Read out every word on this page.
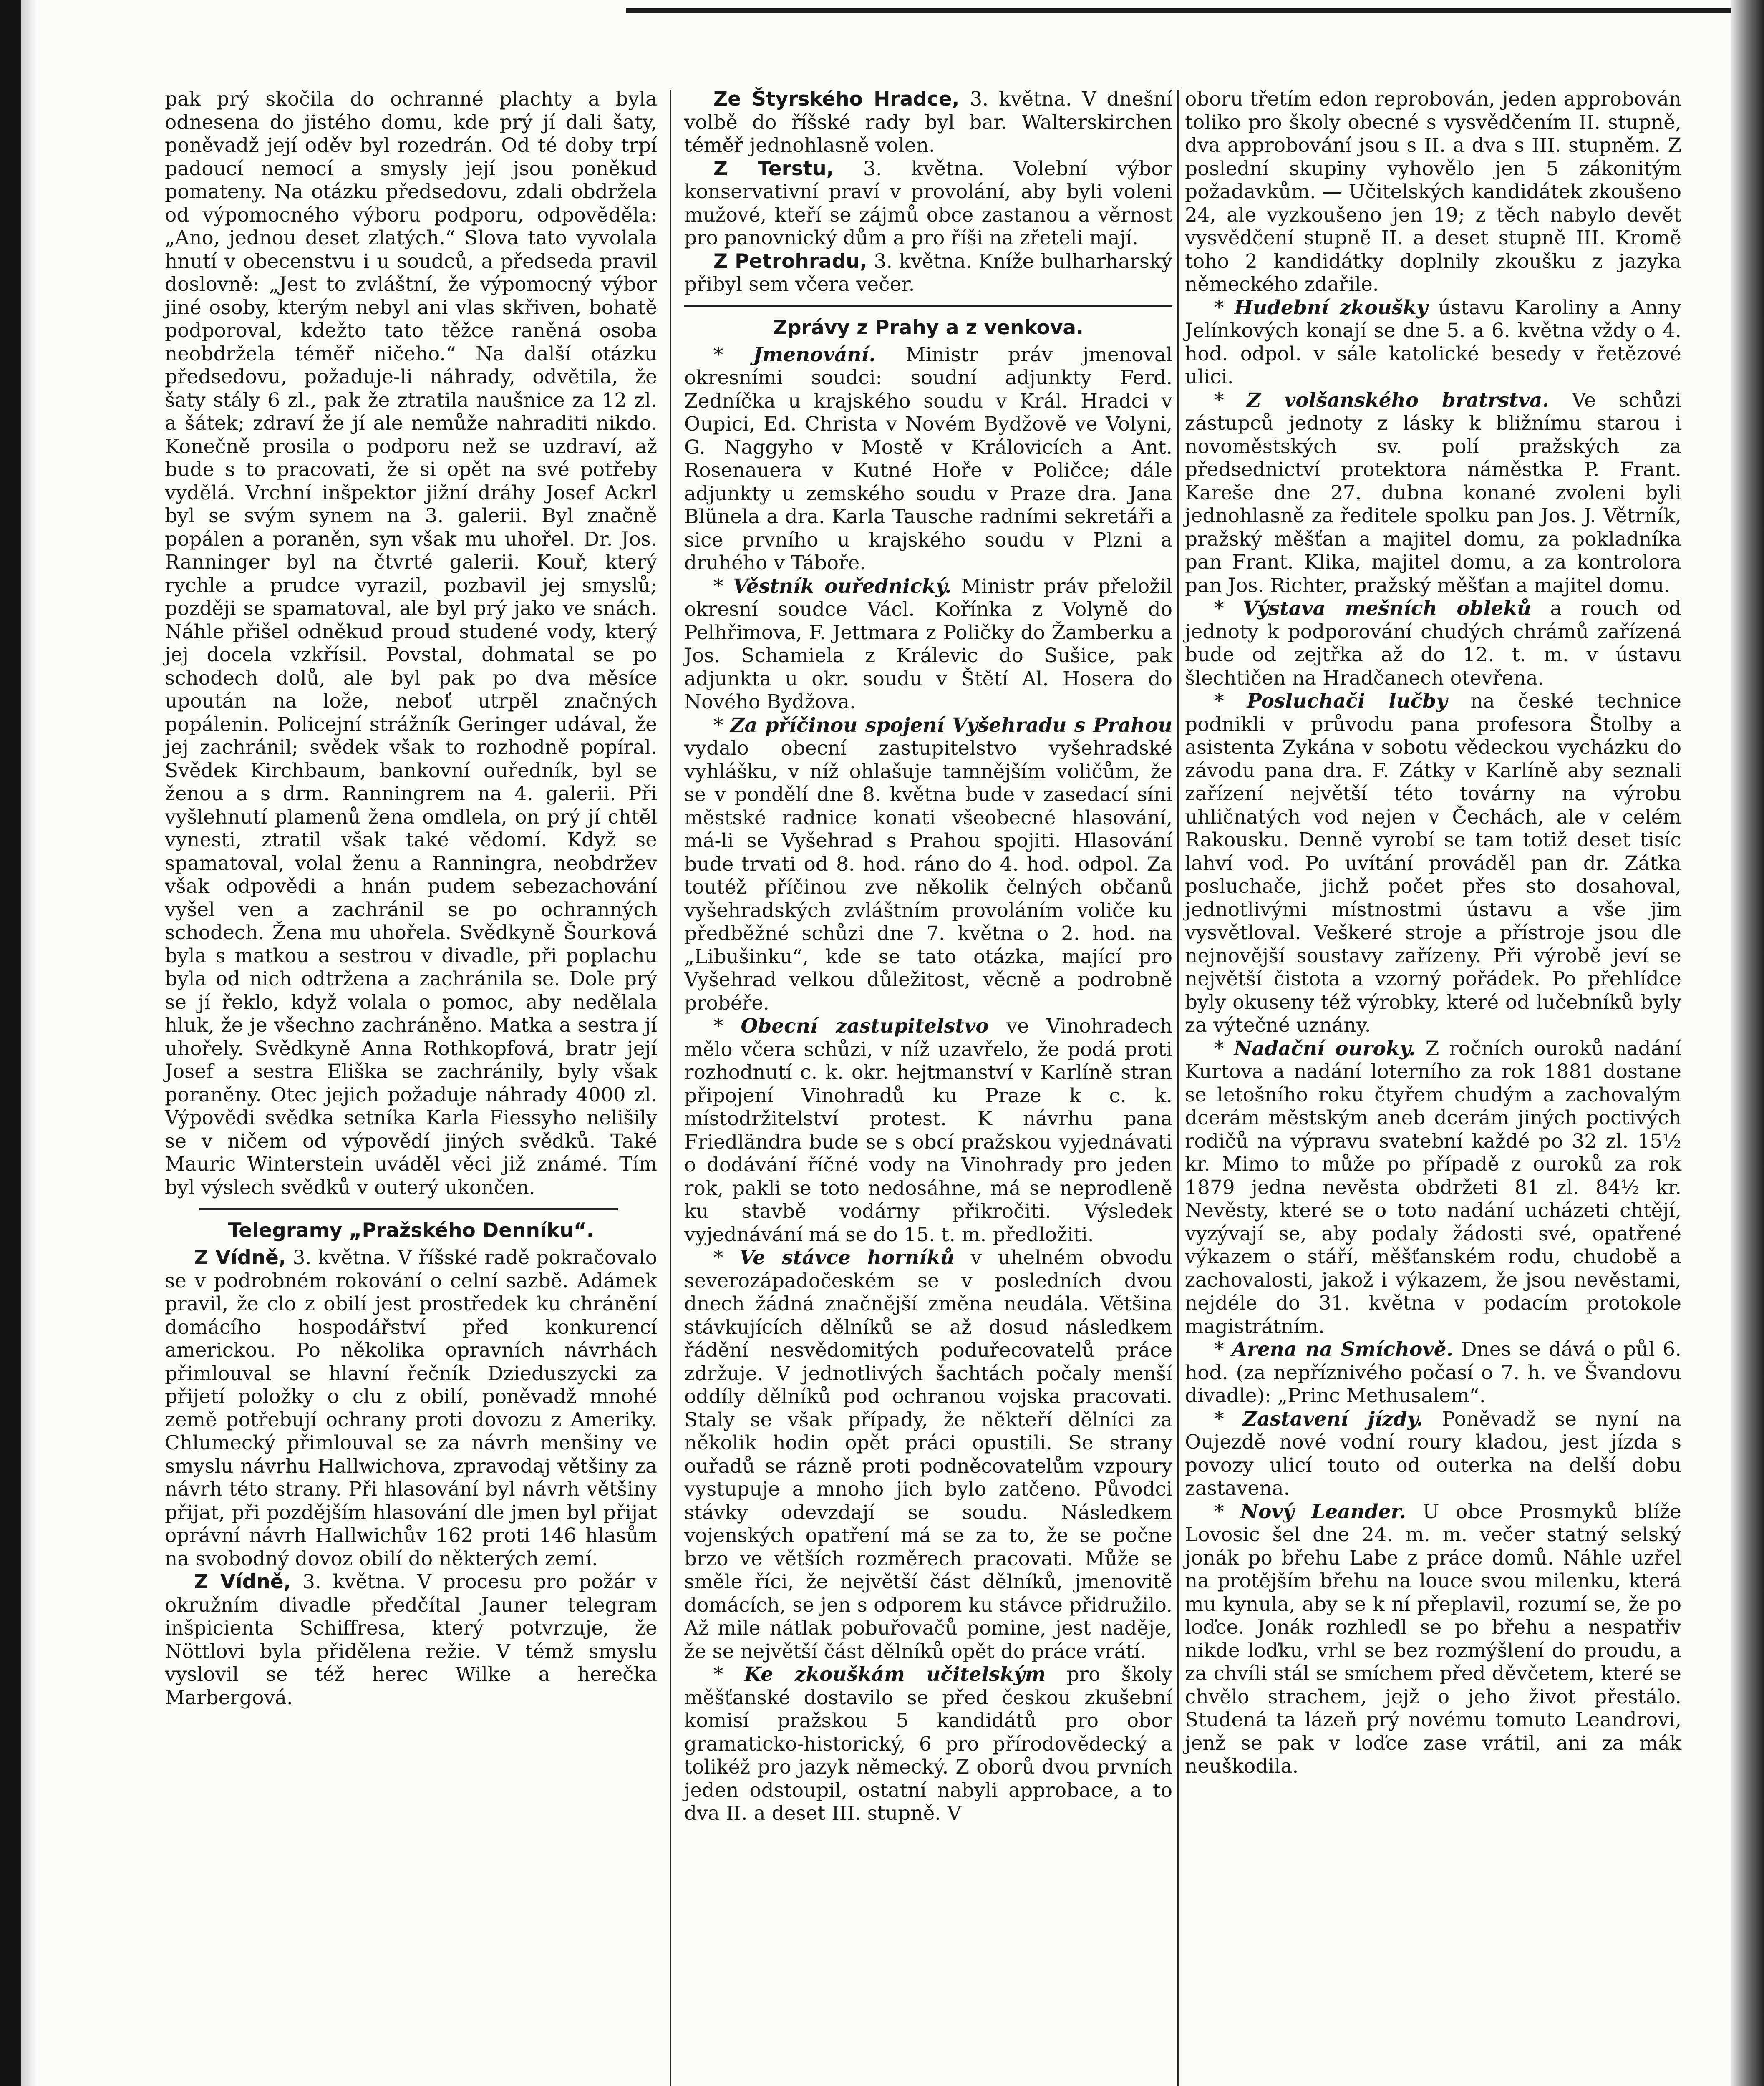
pak prý skočila do ochranné plachty a byla odnesena do jistého domu, kde prý jí dali šaty, poněvadž její oděv byl rozedrán. Od té doby trpí padoucí nemocí a smysly její jsou poněkud pomateny. Na otázku předsedovu, zdali obdržela od výpomocného výboru podporu, odpověděla: „Ano, jednou deset zlatých.“ Slova tato vyvolala hnutí v obecenstvu i u soudců, a předseda pravil doslovně: „Jest to zvláštní, že výpomocný výbor jiné osoby, kterým nebyl ani vlas skřiven, bohatě podporoval, kdežto tato těžce raněná osoba neobdržela téměř ničeho.“ Na další otázku předsedovu, požaduje-li náhrady, odvětila, že šaty stály 6 zl., pak že ztratila naušnice za 12 zl. a šátek; zdraví že jí ale nemůže nahraditi nikdo. Konečně prosila o podporu než se uzdraví, až bude s to pracovati, že si opět na své potřeby vydělá. Vrchní inšpektor jižní dráhy Josef Ackrl byl se svým synem na 3. galerii. Byl značně popálen a poraněn, syn však mu uhořel. Dr. Jos. Ranninger byl na čtvrté galerii. Kouř, který rychle a prudce vyrazil, pozbavil jej smyslů; později se spamatoval, ale byl prý jako ve snách. Náhle přišel odněkud proud studené vody, který jej docela vzkřísil. Povstal, dohmatal se po schodech dolů, ale byl pak po dva měsíce upoután na lože, neboť utrpěl značných popálenin. Policejní strážník Geringer udával, že jej zachránil; svědek však to rozhodně popíral. Svědek Kirchbaum, bankovní ouředník, byl se ženou a s drm. Ranningrem na 4. galerii. Při vyšlehnutí plamenů žena omdlela, on prý jí chtěl vynesti, ztratil však také vědomí. Když se spamatoval, volal ženu a Ranningra, neobdržev však odpovědi a hnán pudem sebezachování vyšel ven a zachránil se po ochranných schodech. Žena mu uhořela. Svědkyně Šourková byla s matkou a sestrou v divadle, při poplachu byla od nich odtržena a zachránila se. Dole prý se jí řeklo, když volala o pomoc, aby nedělala hluk, že je všechno zachráněno. Matka a sestra jí uhořely. Svědkyně Anna Rothkopfová, bratr její Josef a sestra Eliška se zachránily, byly však poraněny. Otec jejich požaduje náhrady 4000 zl. Výpovědi svědka setníka Karla Fiessyho nelišily se v ničem od výpovědí jiných svědků. Také Mauric Winterstein uváděl věci již známé. Tím byl výslech svědků v outerý ukončen.

Telegramy „Pražského Denníku“.

Z Vídně, 3. května. V říšské radě pokračovalo se v podrobném rokování o celní sazbě. Adámek pravil, že clo z obilí jest prostředek ku chránění domácího hospodářství před konkurencí americkou. Po několika opravních návrhách přimlouval se hlavní řečník Dzieduszycki za přijetí položky o clu z obilí, poněvadž mnohé země potřebují ochrany proti dovozu z Ameriky. Chlumecký přimlouval se za návrh menšiny ve smyslu návrhu Hallwichova, zpravodaj většiny za návrh této strany. Při hlasování byl návrh většiny přijat, při pozdějším hlasování dle jmen byl přijat oprávní návrh Hallwichův 162 proti 146 hlasům na svobodný dovoz obilí do některých zemí.

Z Vídně, 3. května. V procesu pro požár v okružním divadle předčítal Jauner telegram inšpicienta Schiffresa, který potvrzuje, že Nöttlovi byla přidělena režie. V témž smyslu vyslovil se též herec Wilke a herečka Marbergová.

Ze Štyrského Hradce, 3. května. V dnešní volbě do říšské rady byl bar. Walterskirchen téměř jednohlasně volen.

Z Terstu, 3. května. Volební výbor konservativní praví v provolání, aby byli voleni mužové, kteří se zájmů obce zastanou a věrnost pro panovnický dům a pro říši na zřeteli mají.

Z Petrohradu, 3. května. Kníže bulharharský přibyl sem včera večer.

Zprávy z Prahy a z venkova.

* Jmenování. Ministr práv jmenoval okresními soudci: soudní adjunkty Ferd. Zedníčka u krajského soudu v Král. Hradci v Oupici, Ed. Christa v Novém Bydžově ve Volyni, G. Naggyho v Mostě v Královicích a Ant. Rosenauera v Kutné Hoře v Poličce; dále adjunkty u zemského soudu v Praze drа. Jana Blünela a drа. Karla Tausche radními sekretáři a sice prvního u krajského soudu v Plzni a druhého v Táboře.

* Věstník ouřednický. Ministr práv přeložil okresní soudce Václ. Kořínka z Volyně do Pelhřimova, F. Jettmara z Poličky do Žamberku a Jos. Schamiela z Králevic do Sušice, pak adjunkta u okr. soudu v Štětí Al. Hosera do Nového Bydžova.

* Za příčinou spojení Vyšehradu s Prahou vydalo obecní zastupitelstvo vyšehradské vyhlášku, v níž ohlašuje tamnějším voličům, že se v pondělí dne 8. května bude v zasedací síni městské radnice konati všeobecné hlasování, má-li se Vyšehrad s Prahou spojiti. Hlasování bude trvati od 8. hod. ráno do 4. hod. odpol. Za toutéž příčinou zve několik čelných občanů vyšehradských zvláštním provoláním voliče ku předběžné schůzi dne 7. května o 2. hod. na „Libušinku“, kde se tato otázka, mající pro Vyšehrad velkou důležitost, věcně a podrobně probéře.

* Obecní zastupitelstvo ve Vinohradech mělo včera schůzi, v níž uzavřelo, že podá proti rozhodnutí c. k. okr. hejtmanství v Karlíně stran připojení Vinohradů ku Praze k c. k. místodržitelství protest. K návrhu pana Friedländra bude se s obcí pražskou vyjednávati o dodávání říčné vody na Vinohrady pro jeden rok, pakli se toto nedosáhne, má se neprodleně ku stavbě vodárny přikročiti. Výsledek vyjednávání má se do 15. t. m. předložiti.

* Ve stávce horníků v uhelném obvodu severozápadočeském se v posledních dvou dnech žádná značnější změna neudála. Většina stávkujících dělníků se až dosud následkem řádění nesvědomitých poduřecovatelů práce zdržuje. V jednotlivých šachtách počaly menší oddíly dělníků pod ochranou vojska pracovati. Staly se však případy, že někteří dělníci za několik hodin opět práci opustili. Se strany ouřadů se rázně proti podněcovatelům vzpoury vystupuje a mnoho jich bylo zatčeno. Původci stávky odevzdají se soudu. Následkem vojenských opatření má se za to, že se počne brzo ve větších rozměrech pracovati. Může se směle říci, že největší část dělníků, jmenovitě domácích, se jen s odporem ku stávce přidružilo. Až mile nátlak pobuřovačů pomine, jest naděje, že se největší část dělníků opět do práce vrátí.

* Ke zkouškám učitelským pro školy měšťanské dostavilo se před českou zkušební komisí pražskou 5 kandidátů pro obor gramaticko-historický, 6 pro přírodovědecký a tolikéž pro jazyk německý. Z oborů dvou prvních jeden odstoupil, ostatní nabyli approbace, a to dva II. a deset III. stupně. V

oboru třetím edon reprobován, jeden approbován toliko pro školy obecné s vysvědčením II. stupně, dva approbování jsou s II. a dva s III. stupněm. Z poslední skupiny vyhovělo jen 5 zákonitým požadavkům. — Učitelských kandidátek zkoušeno 24, ale vyzkoušeno jen 19; z těch nabylo devět vysvědčení stupně II. a deset stupně III. Kromě toho 2 kandidátky doplnily zkoušku z jazyka německého zdařile.

* Hudební zkoušky ústavu Karoliny a Anny Jelínkových konají se dne 5. a 6. května vždy o 4. hod. odpol. v sále katolické besedy v řetězové ulici.

* Z volšanského bratrstva. Ve schůzi zástupců jednoty z lásky k bližnímu starou i novoměstských sv. polí pražských za předsednictví protektora náměstka P. Frant. Kareše dne 27. dubna konané zvoleni byli jednohlasně za ředitele spolku pan Jos. J. Větrník, pražský měšťan a majitel domu, za pokladníka pan Frant. Klika, majitel domu, a za kontrolora pan Jos. Richter, pražský měšťan a majitel domu.

* Výstava mešních obleků a rouch od jednoty k podporování chudých chrámů zařízená bude od zejtřka až do 12. t. m. v ústavu šlechtičen na Hradčanech otevřena.

* Posluchači lučby na české technice podnikli v průvodu pana profesora Štolby a asistenta Zykána v sobotu vědeckou vycházku do závodu pana drа. F. Zátky v Karlíně aby seznali zařízení největší této továrny na výrobu uhličnatých vod nejen v Čechách, ale v celém Rakousku. Denně vyrobí se tam totiž deset tisíc lahví vod. Po uvítání prováděl pan dr. Zátka posluchače, jichž počet přes sto dosahoval, jednotlivými místnostmi ústavu a vše jim vysvětloval. Veškeré stroje a přístroje jsou dle nejnovější soustavy zařízeny. Při výrobě jeví se největší čistota a vzorný pořádek. Po přehlídce byly okuseny též výrobky, které od lučebníků byly za výtečné uznány.

* Nadační ouroky. Z ročních ouroků nadání Kurtova a nadání loterního za rok 1881 dostane se letošního roku čtyřem chudým a zachovalým dcerám městským aneb dcerám jiných poctivých rodičů na výpravu svatební každé po 32 zl. 15½ kr. Mimo to může po případě z ouroků za rok 1879 jedna nevěsta obdržeti 81 zl. 84½ kr. Nevěsty, které se o toto nadání ucházeti chtějí, vyzývají se, aby podaly žádosti své, opatřené výkazem o stáří, měšťanském rodu, chudobě a zachovalosti, jakož i výkazem, že jsou nevěstami, nejdéle do 31. května v podacím protokole magistrátním.

* Arena na Smíchově. Dnes se dává o půl 6. hod. (za nepříznivého počasí o 7. h. ve Švandovu divadle): „Princ Methusalem“.

* Zastavení jízdy. Poněvadž se nyní na Oujezdě nové vodní roury kladou, jest jízda s povozy ulicí touto od outerka na delší dobu zastavena.

* Nový Leander. U obce Prosmyků blíže Lovosic šel dne 24. m. m. večer statný selský jonák po břehu Labe z práce domů. Náhle uzřel na protějším břehu na louce svou milenku, která mu kynula, aby se k ní přeplavil, rozumí se, že po loďce. Jonák rozhledl se po břehu a nespatřiv nikde loďku, vrhl se bez rozmýšlení do proudu, a za chvíli stál se smíchem před děvčetem, které se chvělo strachem, jejž o jeho život přestálo. Studená ta lázeň prý novému tomuto Leandrovi, jenž se pak v loďce zase vrátil, ani za mák neuškodila.
